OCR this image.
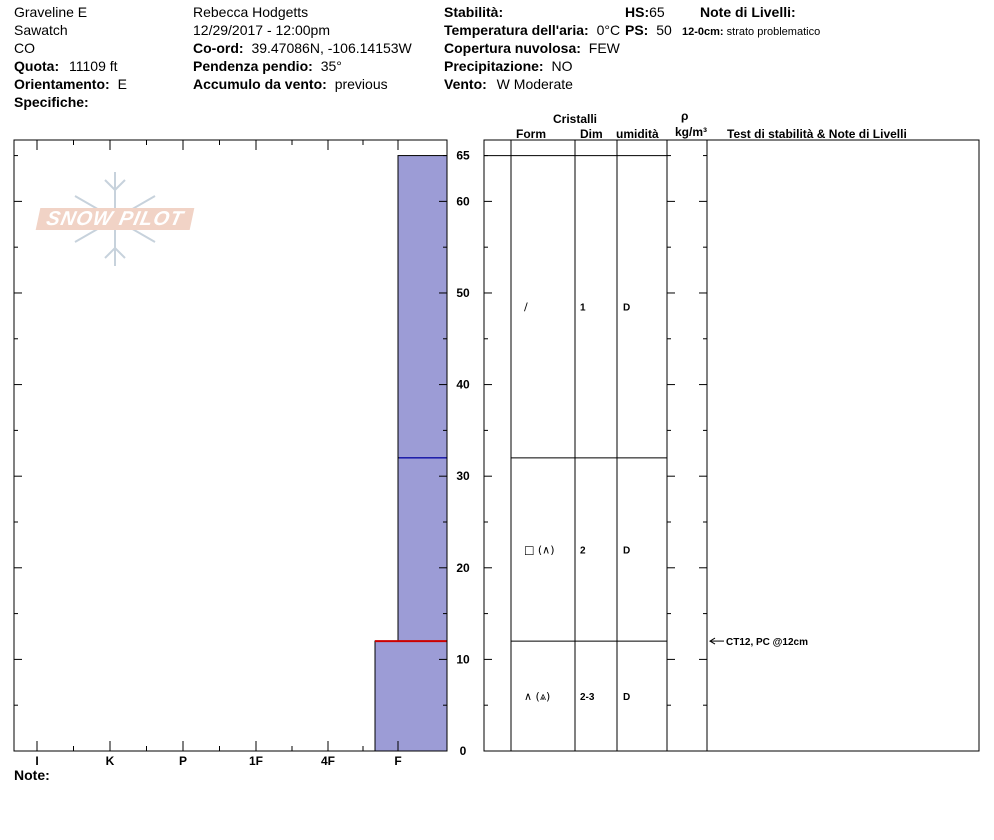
Graveline E
Sawatch
CO
Quota: 11109 ft
Orientamento: E
Specifiche:
Rebecca Hodgetts
12/29/2017 - 12:00pm
Co-ord: 39.47086N, -106.14153W
Pendenza pendio: 35°
Accumulo da vento: previous
Stabilità:
Temperatura dell'aria: 0°C
Copertura nuvolosa: FEW
Precipitazione: NO
Vento: W Moderate
HS:65
PS: 50
Note di Livelli:
12-0cm: strato problematico
Cristalli
Form	Dim umidità
ρ
kg/m³ Test di stabilità & Note di Livelli
SNOW PILOT
I	K	P	1F	4F	F
0
10
20
30
40
50
60
65
/	1	D
□ (∧)	2	D
∧ (⩓)	2-3	D
CT12, PC @12cm
Note:
